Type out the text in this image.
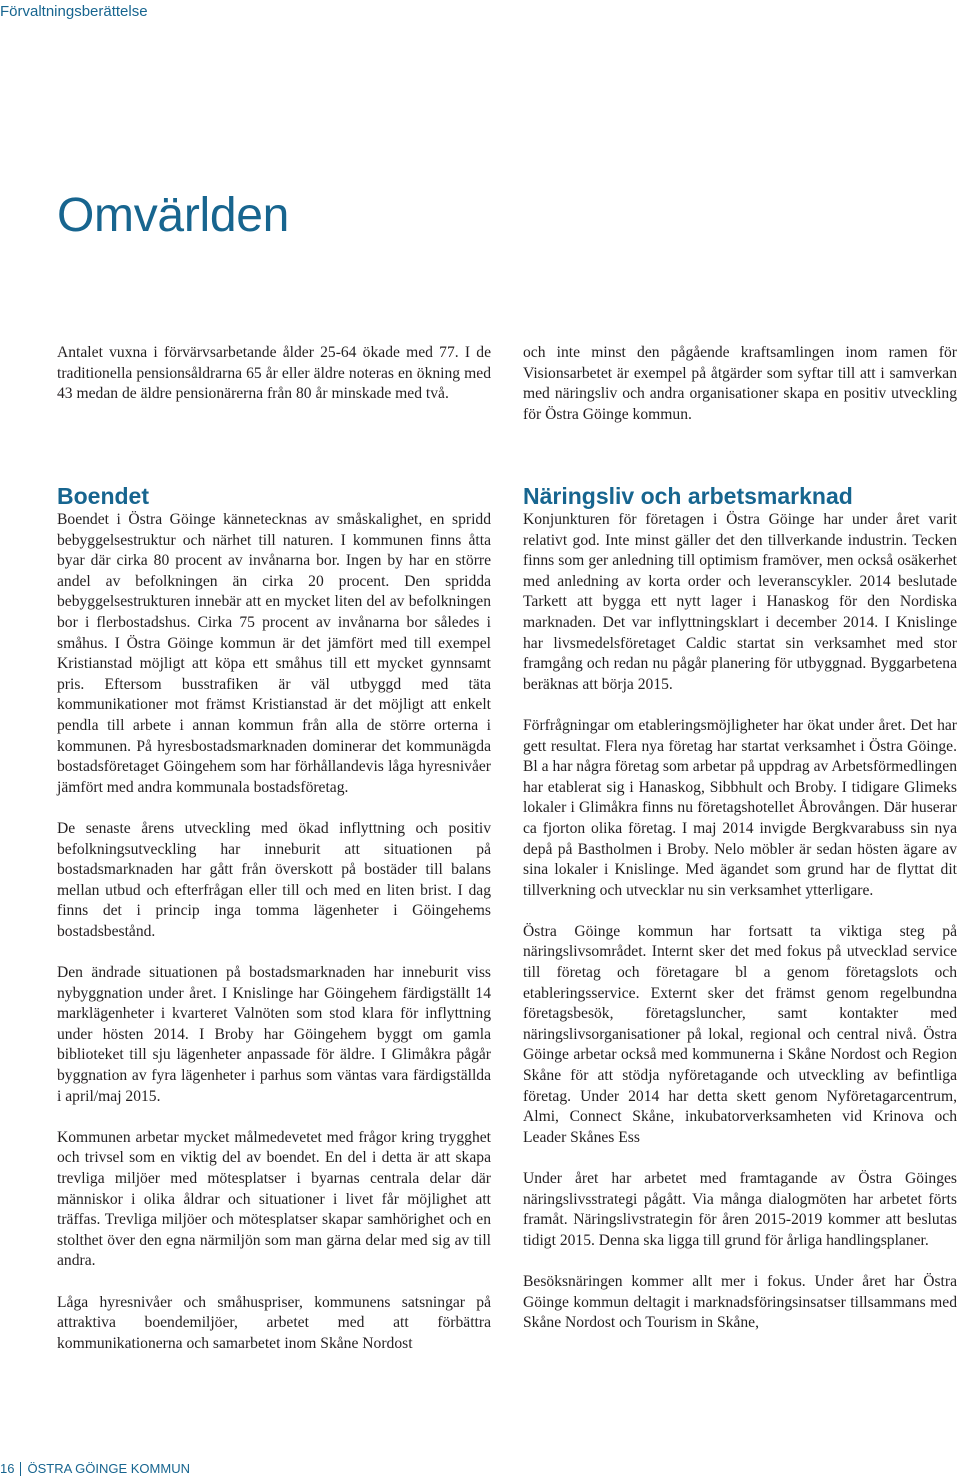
Förvaltningsberättelse
Omvärlden

Antalet vuxna i förvärvsarbetande ålder 25-64 ökade med 77. I de traditionella pensionsåldrarna 65 år eller äldre noteras en ökning med 43 medan de äldre pensionärerna från 80 år minskade med två.

och inte minst den pågående kraftsamlingen inom ramen för Visionsarbetet är exempel på åtgärder som syftar till att i samverkan med näringsliv och andra organisationer skapa en positiv utveckling för Östra Göinge kommun.

Boendet

Boendet i Östra Göinge kännetecknas av småskalighet, en spridd bebyggelsestruktur och närhet till naturen. I kommunen finns åtta byar där cirka 80 procent av invånarna bor. Ingen by har en större andel av befolkningen än cirka 20 procent. Den spridda bebyggelsestrukturen innebär att en mycket liten del av befolkningen bor i flerbostadshus. Cirka 75 procent av invånarna bor således i småhus. I Östra Göinge kommun är det jämfört med till exempel Kristianstad möjligt att köpa ett småhus till ett mycket gynnsamt pris. Eftersom busstrafiken är väl utbyggd med täta kommunikationer mot främst Kristianstad är det möjligt att enkelt pendla till arbete i annan kommun från alla de större orterna i kommunen. På hyresbostadsmarknaden dominerar det kommunägda bostadsföretaget Göingehem som har förhållandevis låga hyresnivåer jämfört med andra kommunala bostadsföretag.

De senaste årens utveckling med ökad inflyttning och positiv befolkningsutveckling har inneburit att situationen på bostadsmarknaden har gått från överskott på bostäder till balans mellan utbud och efterfrågan eller till och med en liten brist. I dag finns det i princip inga tomma lägenheter i Göingehems bostadsbestånd.

Den ändrade situationen på bostadsmarknaden har inneburit viss nybyggnation under året. I Knislinge har Göingehem färdigställt 14 marklägenheter i kvarteret Valnöten som stod klara för inflyttning under hösten 2014. I Broby har Göingehem byggt om gamla biblioteket till sju lägenheter anpassade för äldre. I Glimåkra pågår byggnation av fyra lägenheter i parhus som väntas vara färdigställda i april/maj 2015.

Kommunen arbetar mycket målmedevetet med frågor kring trygghet och trivsel som en viktig del av boendet. En del i detta är att skapa trevliga miljöer med mötesplatser i byarnas centrala delar där människor i olika åldrar och situationer i livet får möjlighet att träffas. Trevliga miljöer och mötesplatser skapar samhörighet och en stolthet över den egna närmiljön som man gärna delar med sig av till andra.

Låga hyresnivåer och småhuspriser, kommunens satsningar på attraktiva boendemiljöer, arbetet med att förbättra kommunikationerna och samarbetet inom Skåne Nordost

Näringsliv och arbetsmarknad

Konjunkturen för företagen i Östra Göinge har under året varit relativt god. Inte minst gäller det den tillverkande industrin. Tecken finns som ger anledning till optimism framöver, men också osäkerhet med anledning av korta order och leveranscykler. 2014 beslutade Tarkett att bygga ett nytt lager i Hanaskog för den Nordiska marknaden. Det var inflyttningsklart i december 2014. I Knislinge har livsmedelsföretaget Caldic startat sin verksamhet med stor framgång och redan nu pågår planering för utbyggnad. Byggarbetena beräknas att börja 2015.

Förfrågningar om etableringsmöjligheter har ökat under året. Det har gett resultat. Flera nya företag har startat verksamhet i Östra Göinge. Bl a har några företag som arbetar på uppdrag av Arbetsförmedlingen har etablerat sig i Hanaskog, Sibbhult och Broby. I tidigare Glimeks lokaler i Glimåkra finns nu företagshotellet Åbrovången. Där huserar ca fjorton olika företag. I maj 2014 invigde Bergkvarabuss sin nya depå på Bastholmen i Broby. Nelo möbler är sedan hösten ägare av sina lokaler i Knislinge. Med ägandet som grund har de flyttat dit tillverkning och utvecklar nu sin verksamhet ytterligare.

Östra Göinge kommun har fortsatt ta viktiga steg på näringslivsområdet. Internt sker det med fokus på utvecklad service till företag och företagare bl a genom företagslots och etableringsservice. Externt sker det främst genom regelbundna företagsbesök, företagsluncher, samt kontakter med näringslivsorganisationer på lokal, regional och central nivå. Östra Göinge arbetar också med kommunerna i Skåne Nordost och Region Skåne för att stödja nyföretagande och utveckling av befintliga företag. Under 2014 har detta skett genom Nyföretagarcentrum, Almi, Connect Skåne, inkubatorverksamheten vid Krinova och Leader Skånes Ess

Under året har arbetet med framtagande av Östra Göinges näringslivsstrategi pågått. Via många dialogmöten har arbetet förts framåt. Näringslivstrategin för åren 2015-2019 kommer att beslutas tidigt 2015. Denna ska ligga till grund för årliga handlingsplaner.

Besöksnäringen kommer allt mer i fokus. Under året har Östra Göinge kommun deltagit i marknadsföringsinsatser tillsammans med Skåne Nordost och Tourism in Skåne,

16 ÖSTRA GÖINGE KOMMUN
